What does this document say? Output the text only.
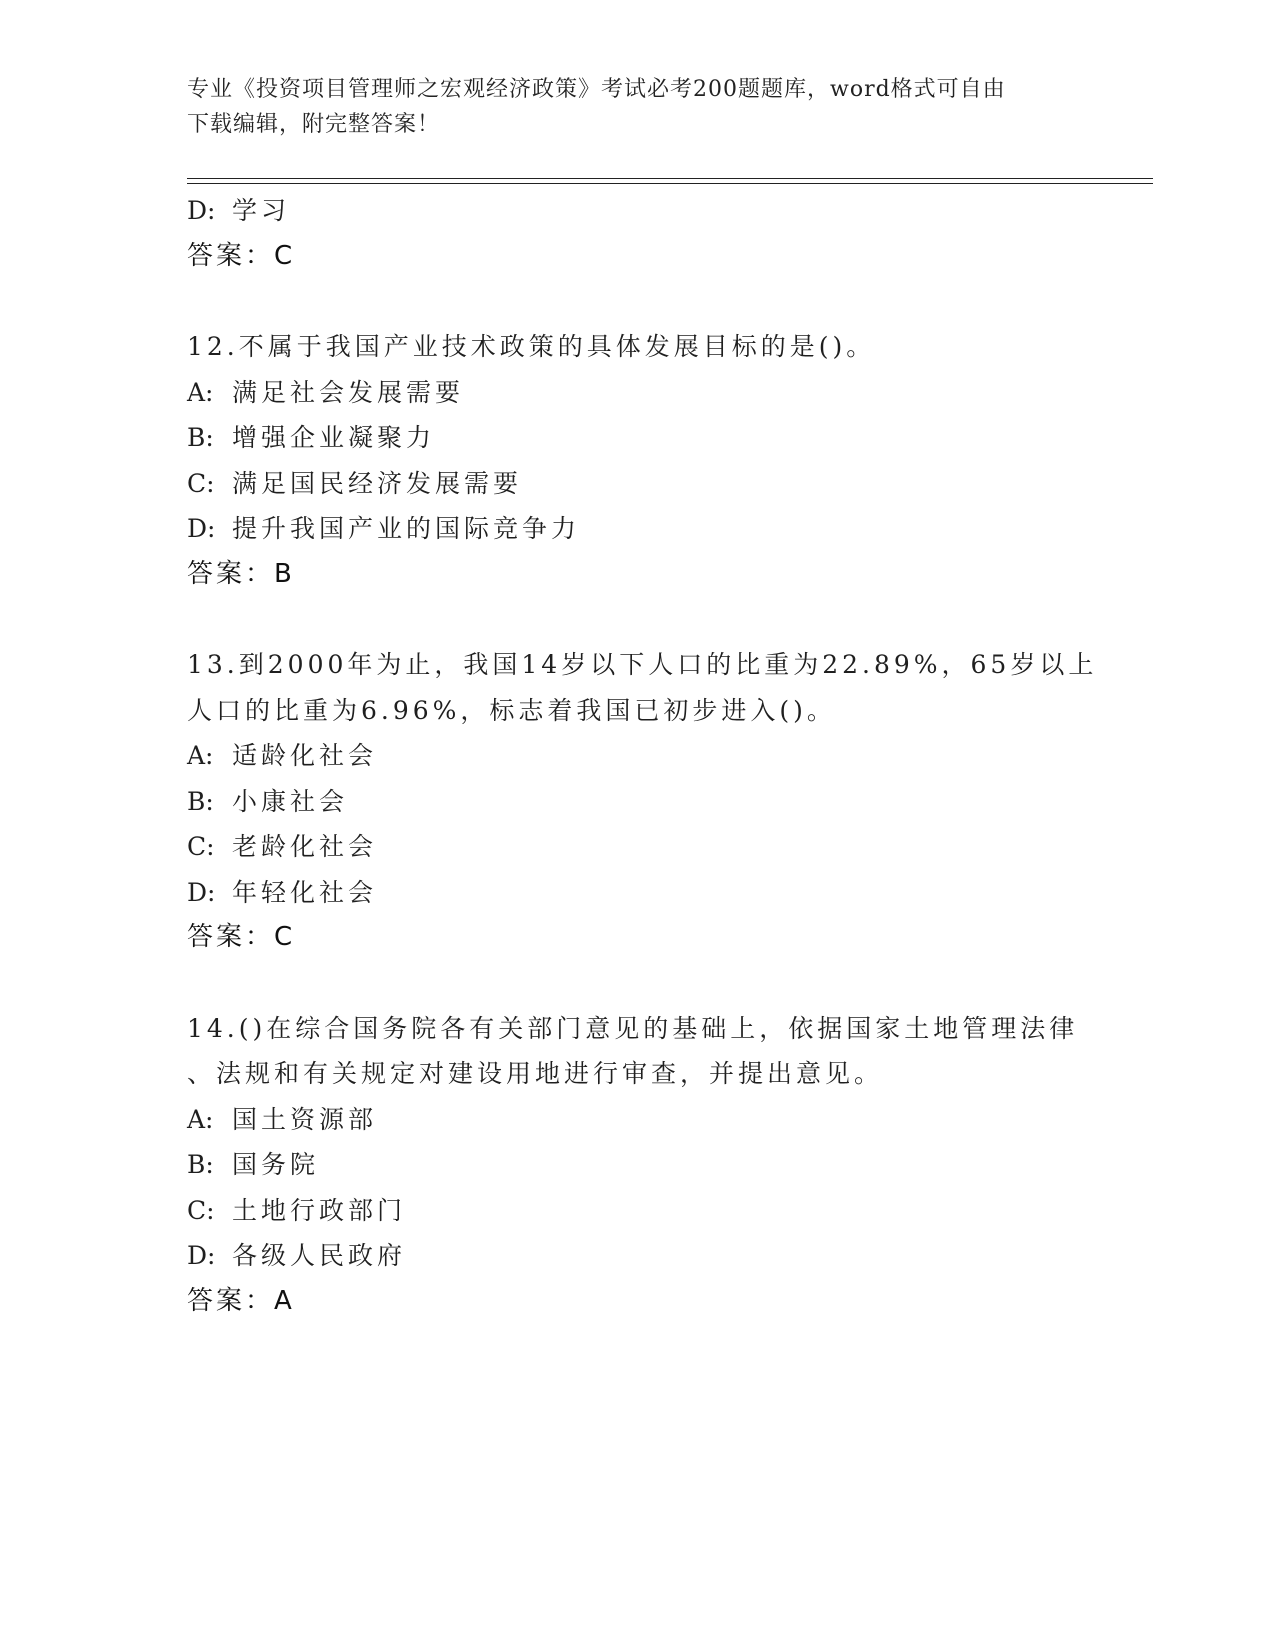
专业《投资项目管理师之宏观经济政策》考试必考200题题库，word格式可自由
下载编辑，附完整答案！
D: 学习
答案：C
12.不属于我国产业技术政策的具体发展目标的是()。
A: 满足社会发展需要
B: 增强企业凝聚力
C: 满足国民经济发展需要
D: 提升我国产业的国际竞争力
答案：B
13.到2000年为止，我国14岁以下人口的比重为22.89%，65岁以上
人口的比重为6.96%，标志着我国已初步进入()。
A: 适龄化社会
B: 小康社会
C: 老龄化社会
D: 年轻化社会
答案：C
14.()在综合国务院各有关部门意见的基础上，依据国家土地管理法律
、法规和有关规定对建设用地进行审查，并提出意见。
A: 国土资源部
B: 国务院
C: 土地行政部门
D: 各级人民政府
答案：A
